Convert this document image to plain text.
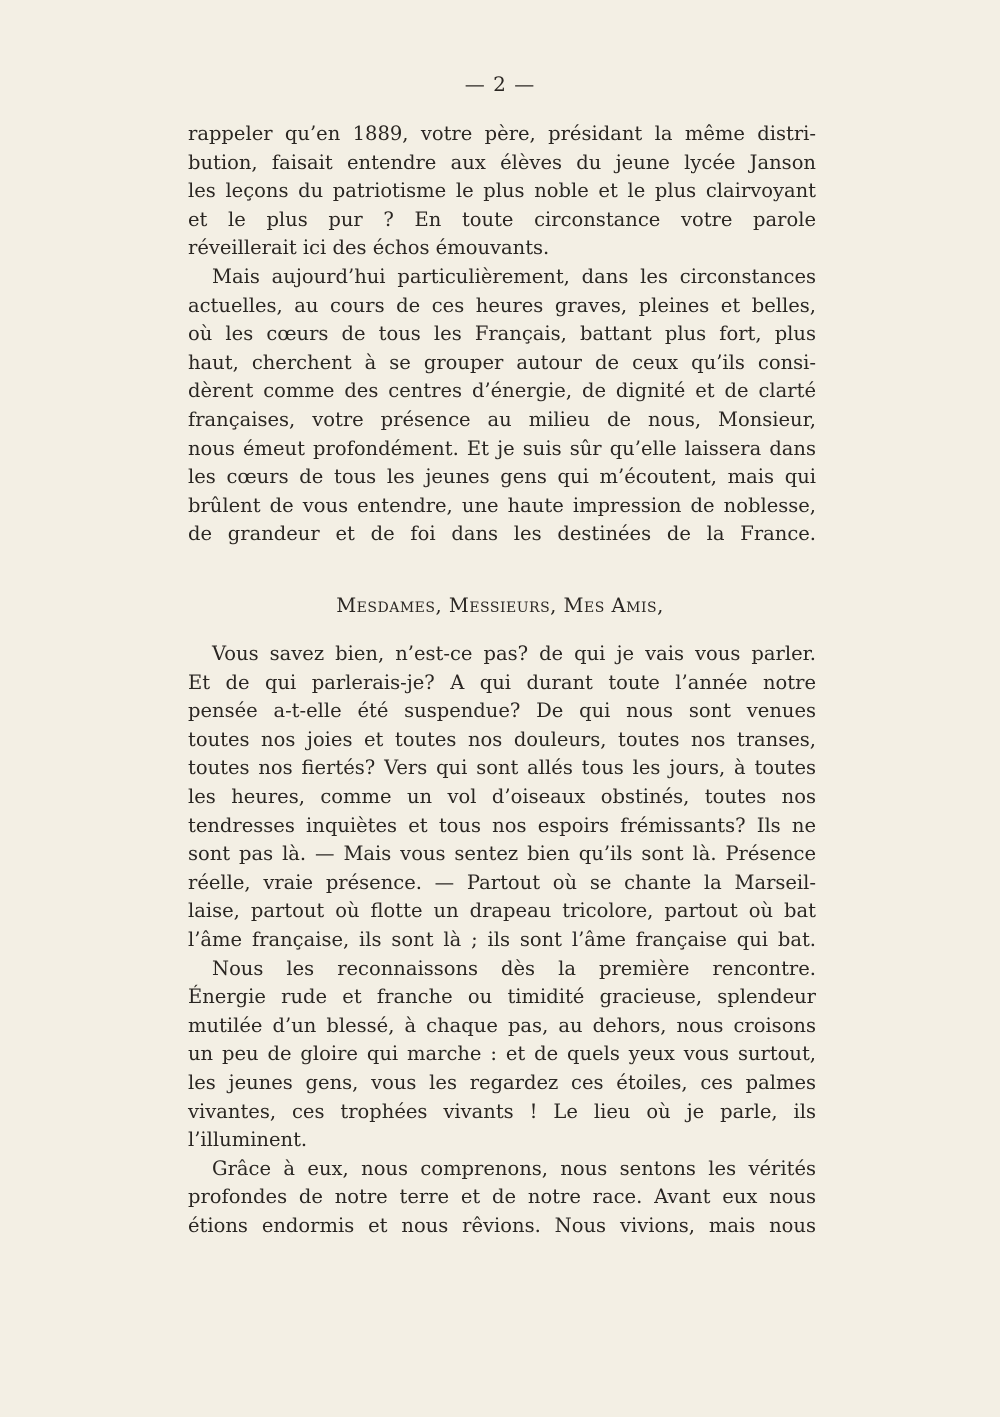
— 2 —
rappeler qu’en 1889, votre père, présidant la même distri-
bution, faisait entendre aux élèves du jeune lycée Janson
les leçons du patriotisme le plus noble et le plus clairvoyant
et le plus pur ? En toute circonstance votre parole
réveillerait ici des échos émouvants.
Mais aujourd’hui particulièrement, dans les circonstances
actuelles, au cours de ces heures graves, pleines et belles,
où les cœurs de tous les Français, battant plus fort, plus
haut, cherchent à se grouper autour de ceux qu’ils consi-
dèrent comme des centres d’énergie, de dignité et de clarté
françaises, votre présence au milieu de nous, Monsieur,
nous émeut profondément. Et je suis sûr qu’elle laissera dans
les cœurs de tous les jeunes gens qui m’écoutent, mais qui
brûlent de vous entendre, une haute impression de noblesse,
de grandeur et de foi dans les destinées de la France.
Mesdames, Messieurs, Mes Amis,
Vous savez bien, n’est-ce pas? de qui je vais vous parler.
Et de qui parlerais-je? A qui durant toute l’année notre
pensée a-t-elle été suspendue? De qui nous sont venues
toutes nos joies et toutes nos douleurs, toutes nos transes,
toutes nos fiertés? Vers qui sont allés tous les jours, à toutes
les heures, comme un vol d’oiseaux obstinés, toutes nos
tendresses inquiètes et tous nos espoirs frémissants? Ils ne
sont pas là. — Mais vous sentez bien qu’ils sont là. Présence
réelle, vraie présence. — Partout où se chante la Marseil-
laise, partout où flotte un drapeau tricolore, partout où bat
l’âme française, ils sont là ; ils sont l’âme française qui bat.
Nous les reconnaissons dès la première rencontre.
Énergie rude et franche ou timidité gracieuse, splendeur
mutilée d’un blessé, à chaque pas, au dehors, nous croisons
un peu de gloire qui marche : et de quels yeux vous surtout,
les jeunes gens, vous les regardez ces étoiles, ces palmes
vivantes, ces trophées vivants ! Le lieu où je parle, ils
l’illuminent.
Grâce à eux, nous comprenons, nous sentons les vérités
profondes de notre terre et de notre race. Avant eux nous
étions endormis et nous rêvions. Nous vivions, mais nous
